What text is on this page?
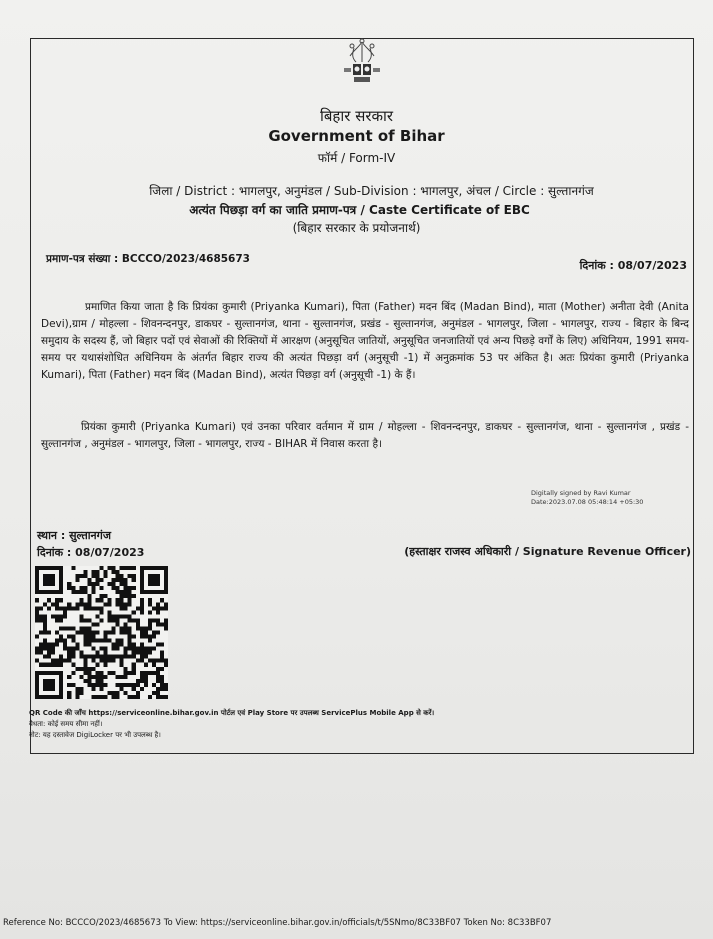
बिहार सरकार
Government of Bihar
फॉर्म / Form-IV
जिला / District : भागलपुर, अनुमंडल / Sub-Division : भागलपुर, अंचल / Circle : सुल्तानगंज
अत्यंत पिछड़ा वर्ग का जाति प्रमाण-पत्र / Caste Certificate of EBC
(बिहार सरकार के प्रयोजनार्थ)
प्रमाण-पत्र संख्या : BCCCO/2023/4685673	दिनांक : 08/07/2023
प्रमाणित किया जाता है कि प्रियंका कुमारी (Priyanka Kumari), पिता (Father) मदन बिंद (Madan Bind), माता (Mother) अनीता देवी (Anita Devi),ग्राम / मोहल्ला - शिवनन्दनपुर, डाकघर - सुल्तानगंज, थाना - सुल्तानगंज, प्रखंड - सुल्तानगंज, अनुमंडल - भागलपुर, जिला - भागलपुर, राज्य - बिहार के बिन्द समुदाय के सदस्य हैं, जो बिहार पदों एवं सेवाओं की रिक्तियों में आरक्षण (अनुसूचित जातियों, अनुसूचित जनजातियों एवं अन्य पिछड़े वर्गों के लिए) अधिनियम, 1991 समय-समय पर यथासंशोधित अधिनियम के अंतर्गत बिहार राज्य की अत्यंत पिछड़ा वर्ग (अनुसूची -1) में अनुक्रमांक 53 पर अंकित है। अतः प्रियंका कुमारी (Priyanka Kumari), पिता (Father) मदन बिंद (Madan Bind), अत्यंत पिछड़ा वर्ग (अनुसूची -1) के हैं।
प्रियंका कुमारी (Priyanka Kumari) एवं उनका परिवार वर्तमान में ग्राम / मोहल्ला - शिवनन्दनपुर, डाकघर - सुल्तानगंज, थाना - सुल्तानगंज , प्रखंड - सुल्तानगंज , अनुमंडल - भागलपुर, जिला - भागलपुर, राज्य - BIHAR में निवास करता है।
Digitally signed by Ravi Kumar
Date:2023.07.08 05:48:14 +05:30
स्थान : सुल्तानगंज
दिनांक : 08/07/2023	(हस्ताक्षर राजस्व अधिकारी / Signature Revenue Officer)
QR Code की जाँच https://serviceonline.bihar.gov.in पोर्टल एवं Play Store पर उपलब्ध ServicePlus Mobile App से करें।
वैधता: कोई समय सीमा नहीं।
नोट: यह दस्तावेज DigiLocker पर भी उपलब्ध है।
Reference No: BCCCO/2023/4685673 To View: https://serviceonline.bihar.gov.in/officials/t/5SNmo/8C33BF07 Token No: 8C33BF07
